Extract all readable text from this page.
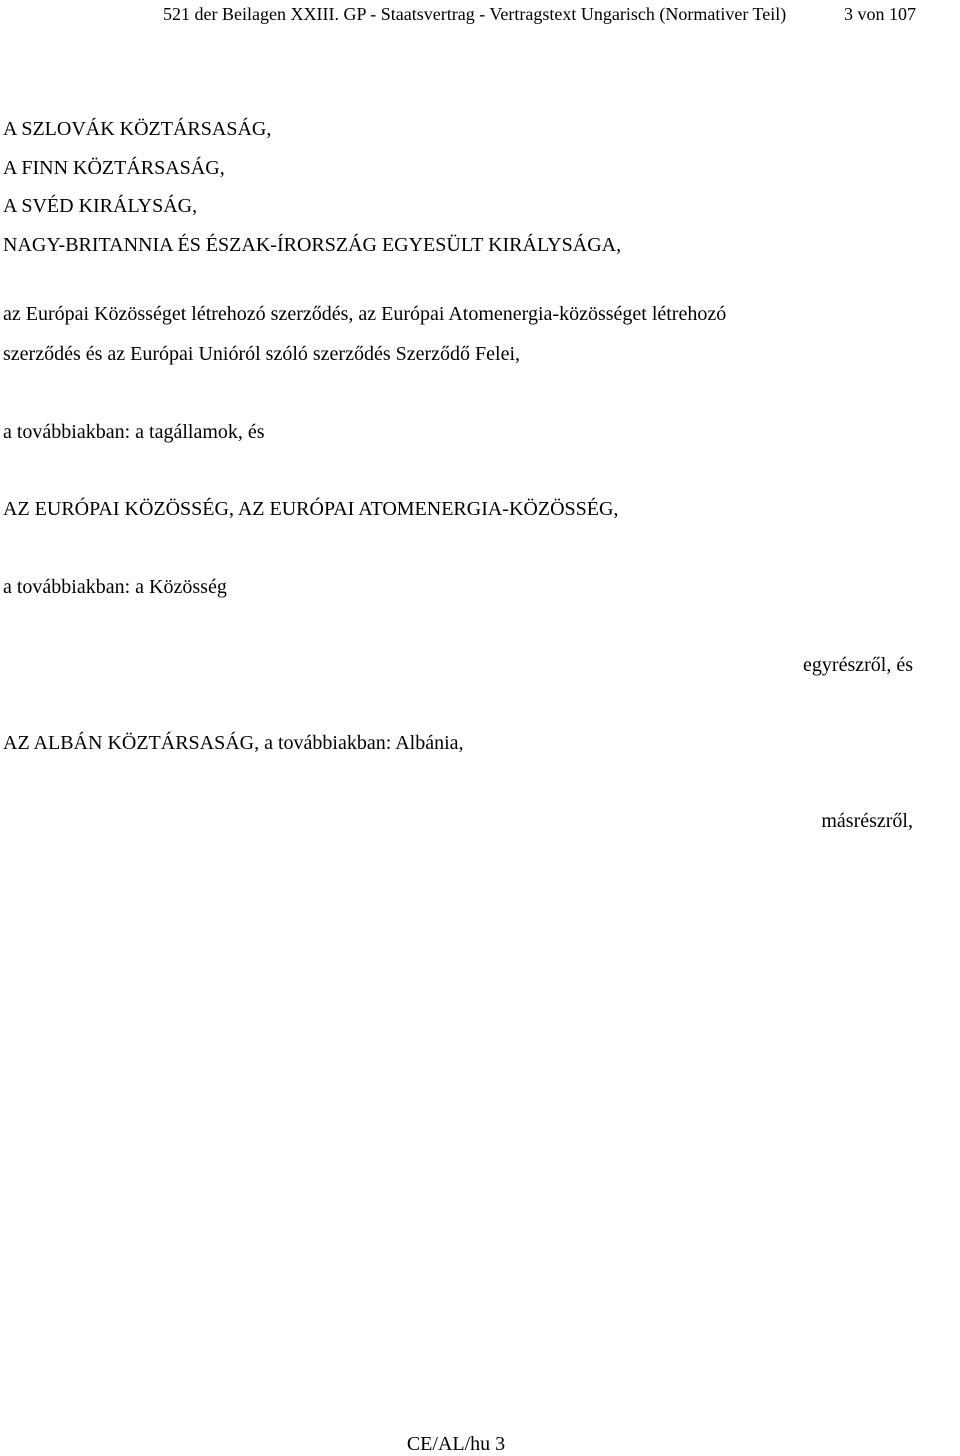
521 der Beilagen XXIII. GP - Staatsvertrag - Vertragstext Ungarisch (Normativer Teil)	3 von 107
A SZLOVÁK KÖZTÁRSASÁG,
A FINN KÖZTÁRSASÁG,
A SVÉD KIRÁLYSÁG,
NAGY-BRITANNIA ÉS ÉSZAK-ÍRORSZÁG EGYESÜLT KIRÁLYSÁGA,
az Európai Közösséget létrehozó szerződés, az Európai Atomenergia-közösséget létrehozó
szerződés és az Európai Unióról szóló szerződés Szerződő Felei,
a továbbiakban: a tagállamok, és
AZ EURÓPAI KÖZÖSSÉG, AZ EURÓPAI ATOMENERGIA-KÖZÖSSÉG,
a továbbiakban: a Közösség
egyrészről, és
AZ ALBÁN KÖZTÁRSASÁG, a továbbiakban: Albánia,
másrészről,
CE/AL/hu 3
